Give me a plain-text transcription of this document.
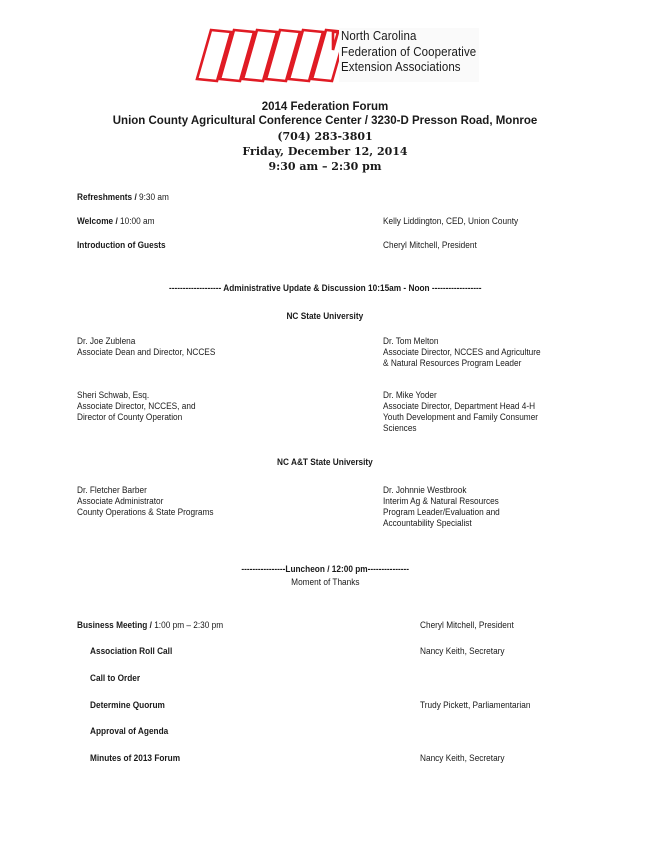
North Carolina
Federation of Cooperative
Extension Associations
2014 Federation Forum
Union County Agricultural Conference Center / 3230-D Presson Road, Monroe
(704) 283-3801
Friday, December 12, 2014
9:30 am – 2:30 pm
Refreshments / 9:30 am
Welcome / 10:00 am	Kelly Liddington, CED, Union County
Introduction of Guests	Cheryl Mitchell, President
------------------- Administrative Update & Discussion 10:15am - Noon ------------------
NC State University
Dr. Joe Zublena
Associate Dean and Director, NCCES
Dr. Tom Melton
Associate Director, NCCES and Agriculture
& Natural Resources Program Leader
Sheri Schwab, Esq.
Associate Director, NCCES, and
Director of County Operation
Dr. Mike Yoder
Associate Director, Department Head 4-H
Youth Development and Family Consumer
Sciences
NC A&T State University
Dr. Fletcher Barber
Associate Administrator
County Operations & State Programs
Dr. Johnnie Westbrook
Interim Ag & Natural Resources
Program Leader/Evaluation and
Accountability Specialist
----------------Luncheon / 12:00 pm---------------
Moment of Thanks
Business Meeting / 1:00 pm – 2:30 pm	Cheryl Mitchell, President
Association Roll Call	Nancy Keith, Secretary
Call to Order
Determine Quorum	Trudy Pickett, Parliamentarian
Approval of Agenda
Minutes of 2013 Forum	Nancy Keith, Secretary
